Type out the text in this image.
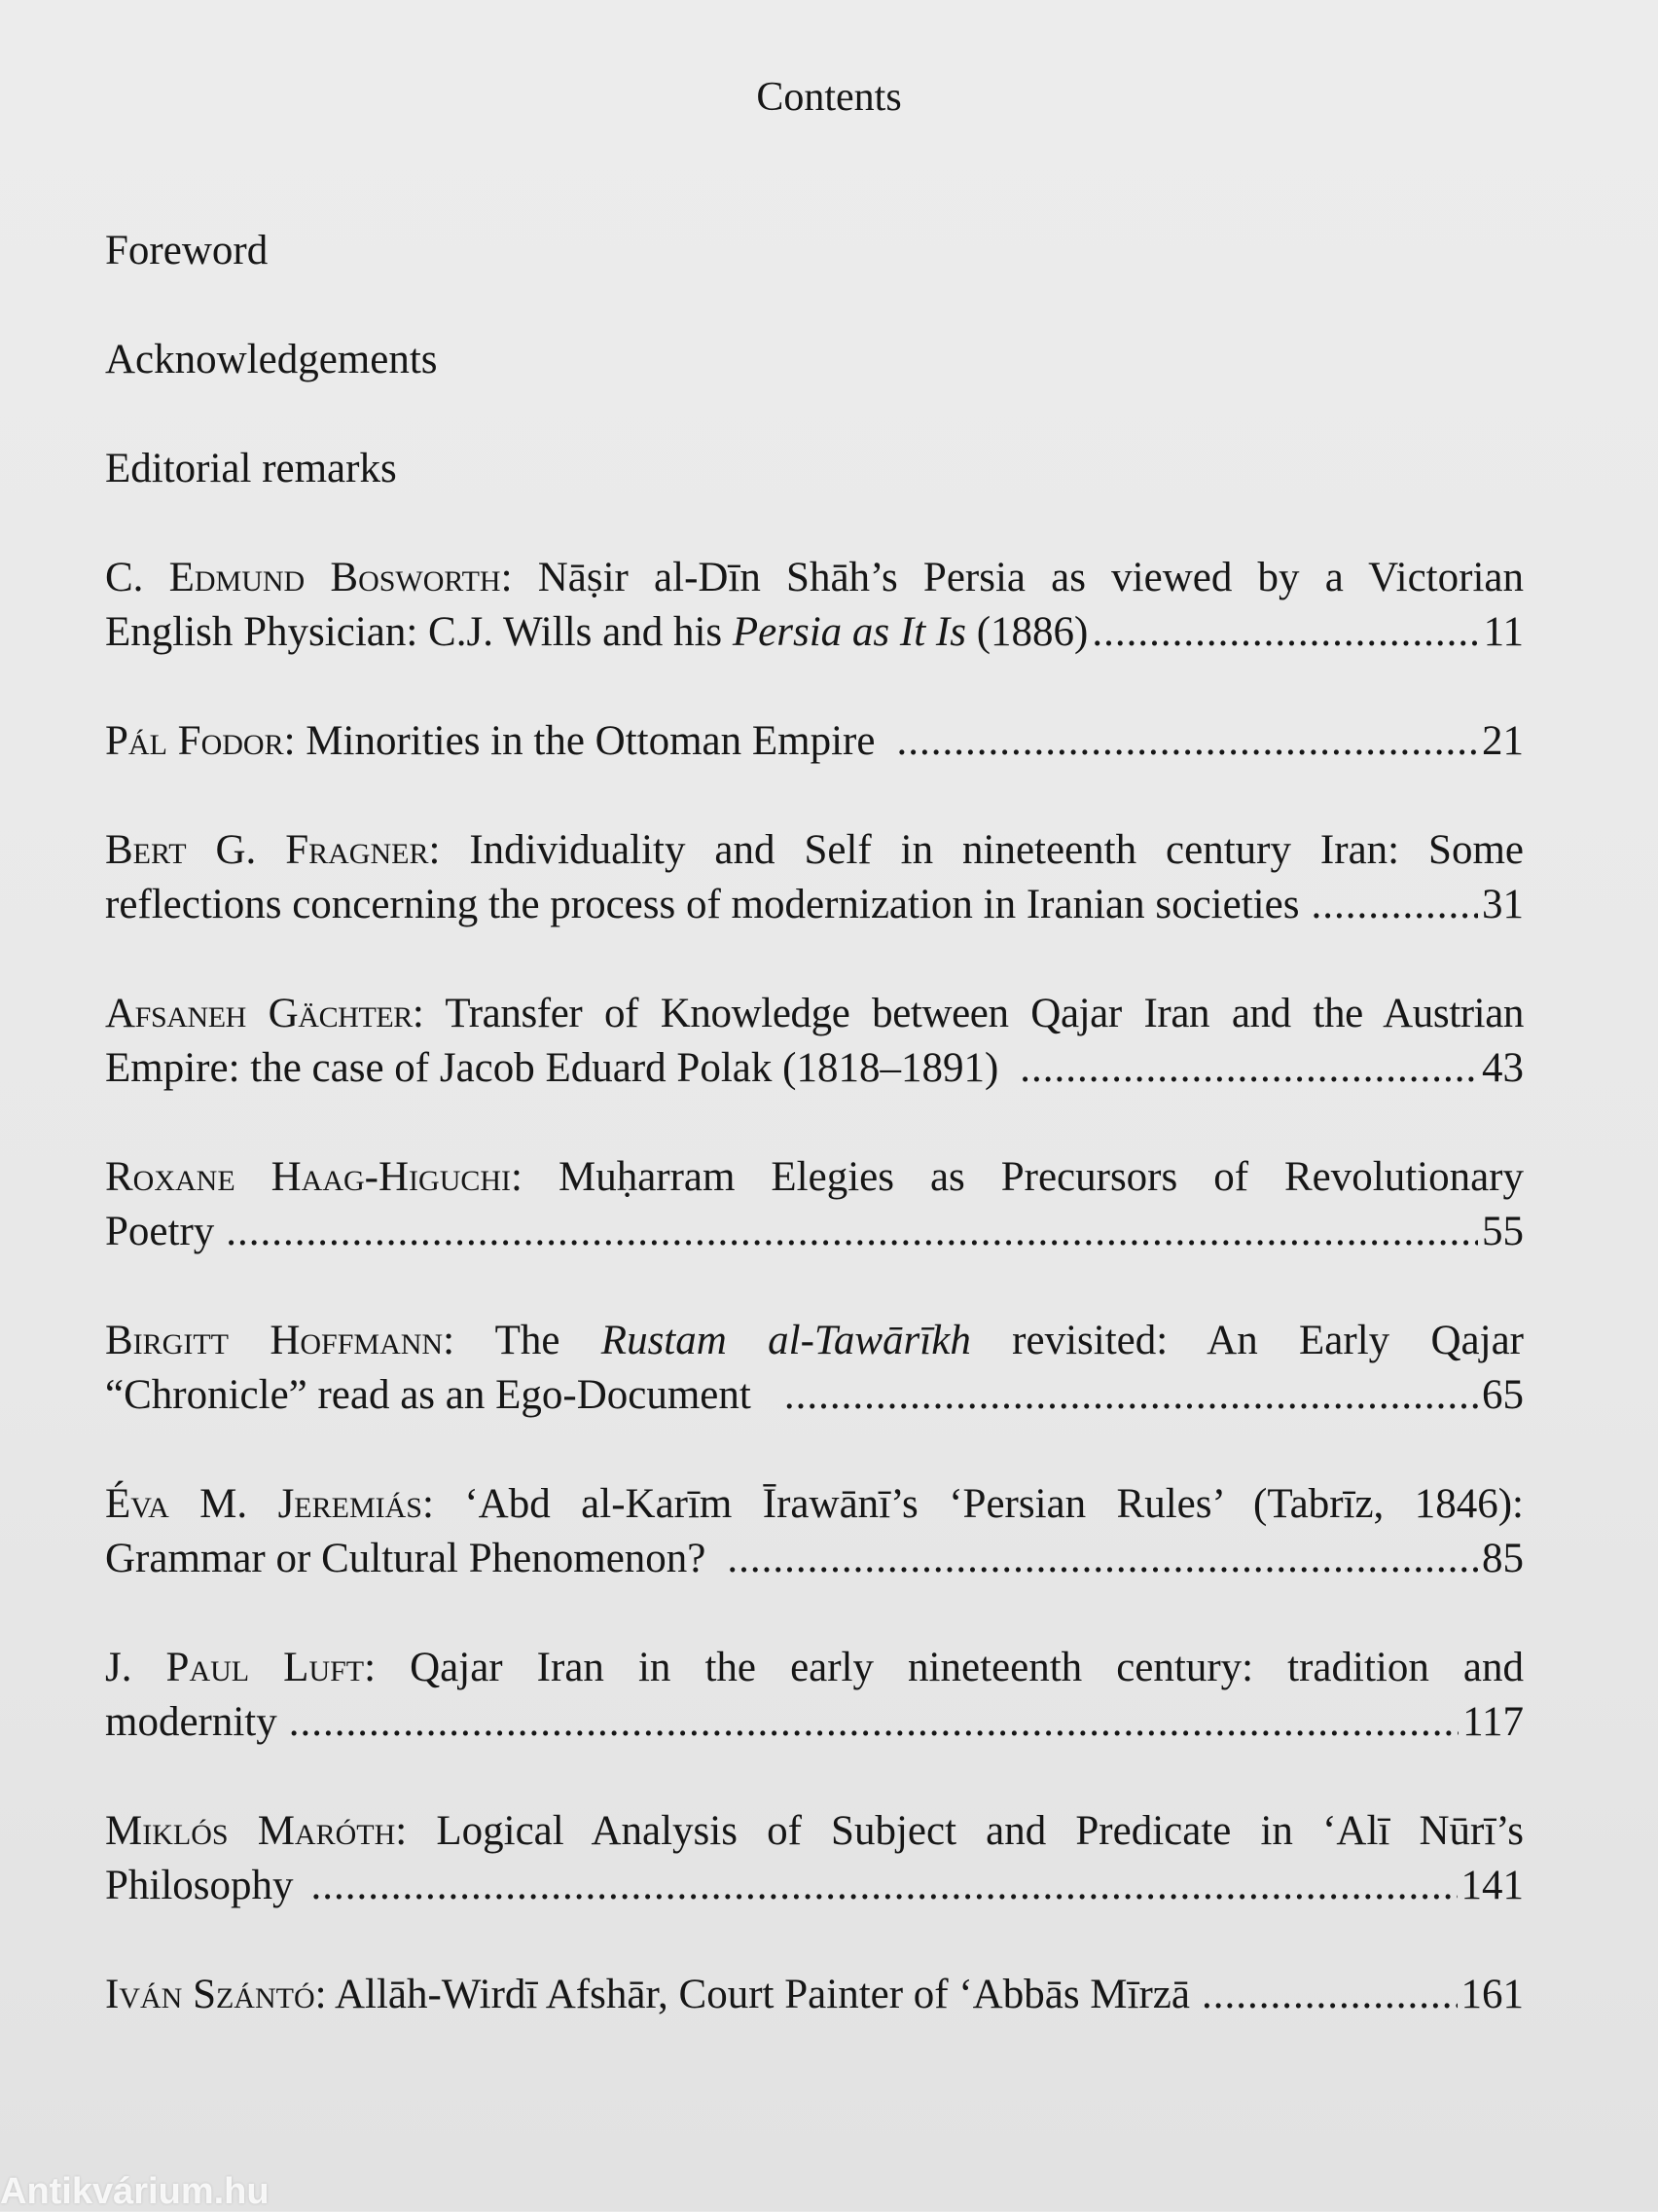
Contents
Foreword
Acknowledgements
Editorial remarks
C. Edmund Bosworth: Nāṣir al-Dīn Shāh’s Persia as viewed by a Victorian
English Physician: C.J. Wills and his Persia as It Is (1886) .....	11
Pál Fodor: Minorities in the Ottoman Empire .....	21
Bert G. Fragner: Individuality and Self in nineteenth century Iran: Some
reflections concerning the process of modernization in Iranian societies .....	31
Afsaneh Gächter: Transfer of Knowledge between Qajar Iran and the Austrian
Empire: the case of Jacob Eduard Polak (1818–1891) .....	43
Roxane Haag-Higuchi: Muḥarram Elegies as Precursors of Revolutionary
Poetry .....	55
Birgitt Hoffmann: The Rustam al-Tawārīkh revisited: An Early Qajar
“Chronicle” read as an Ego-Document .....	65
Éva M. Jeremiás: ‘Abd al-Karīm Īrawānī’s ‘Persian Rules’ (Tabrīz, 1846):
Grammar or Cultural Phenomenon? .....	85
J. Paul Luft: Qajar Iran in the early nineteenth century: tradition and
modernity .....	117
Miklós Maróth: Logical Analysis of Subject and Predicate in ‘Alī Nūrī’s
Philosophy .....	141
Iván Szántó: Allāh-Wirdī Afshār, Court Painter of ‘Abbās Mīrzā .....	161
Antikvárium.hu
